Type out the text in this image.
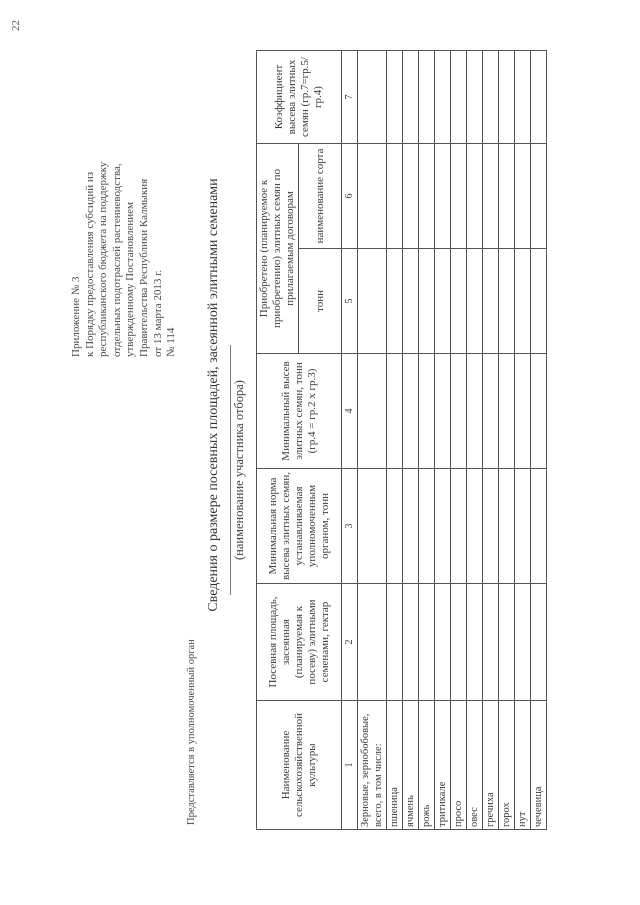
Приложение № 3 к Порядку предоставления субсидий из республиканского бюджета на поддержку отдельных подотраслей растениеводства, утвержденному Постановлением Правительства Республики Калмыкия от 13 марта 2013 г. № 114
Представляется в уполномоченный орган
Сведения о размере посевных площадей, засеянной элитными семенами (наименование участника отбора)
Наименование сельскохозяйственной культуры	Посевная площадь, засеянная (планируемая к посеву) элитными семенами, гектар	Минимальная норма высева элитных семян, устанавливаемая уполномоченным органом, тонн	Минимальный высев элитных семян, тонн (гр.4 = гр.2 х гр.3)	Приобретено (планируемое к приобретению) элитных семян по прилагаемым договорам		Коэффициент высева элитных семян (гр.7=гр.5/гр.4)
				тонн	наименование сорта	
1	2	3	4	5	6	7
Зерновые, зернобобовые, всего, в том числе:						
пшеница						
ячмень						
рожь						
тритикале						
просо						
овес						
гречиха						
горох						
нут						
чечевица						
22
